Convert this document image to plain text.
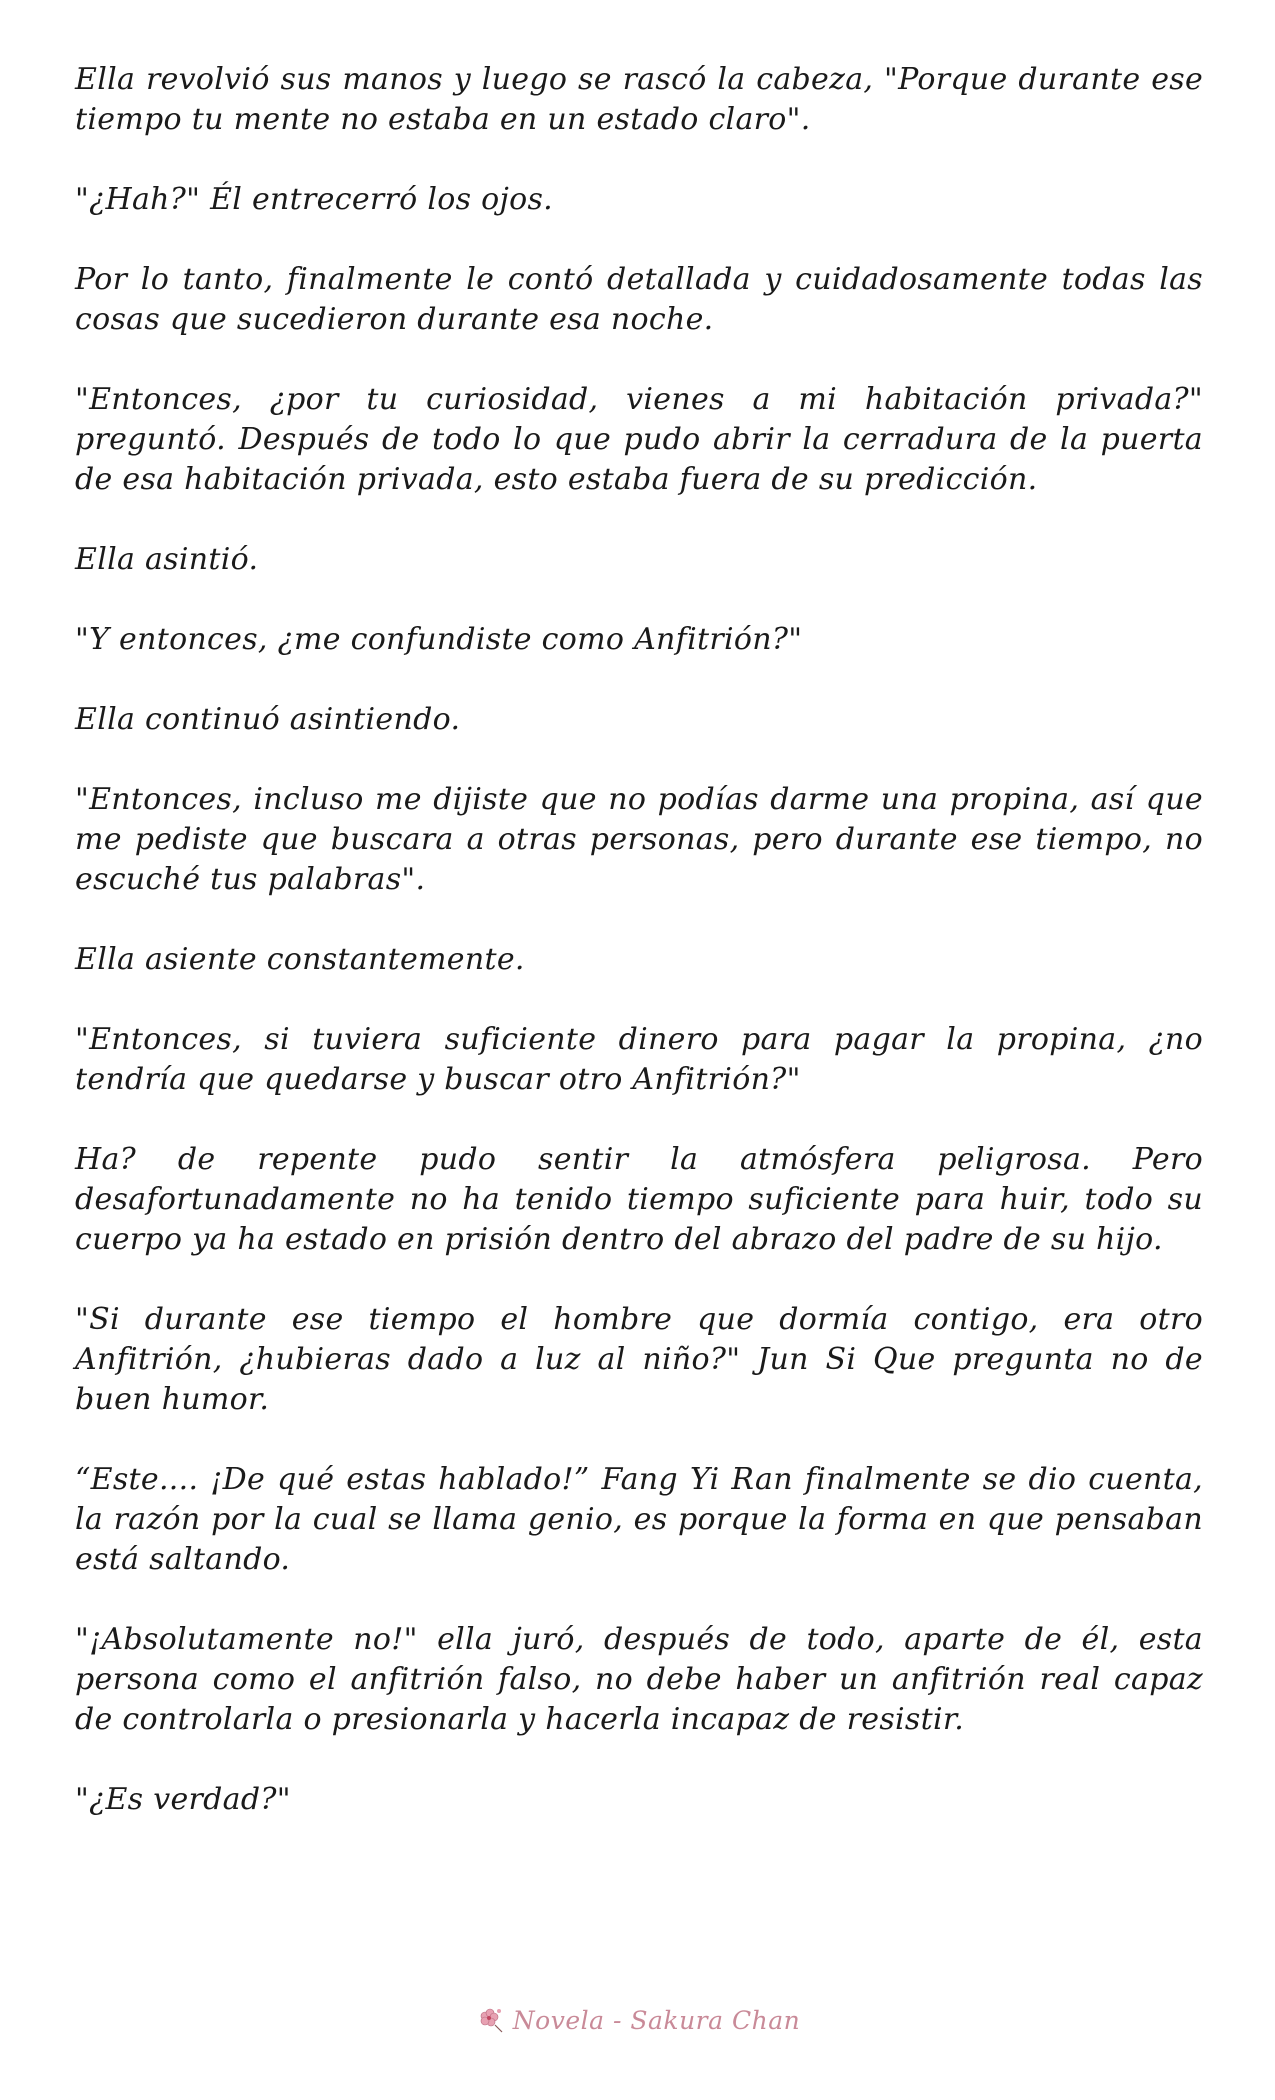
Ella revolvió sus manos y luego se rascó la cabeza, "Porque durante ese tiempo tu mente no estaba en un estado claro".

"¿Hah?" Él entrecerró los ojos.

Por lo tanto, finalmente le contó detallada y cuidadosamente todas las cosas que sucedieron durante esa noche.

"Entonces, ¿por tu curiosidad, vienes a mi habitación privada?" preguntó. Después de todo lo que pudo abrir la cerradura de la puerta de esa habitación privada, esto estaba fuera de su predicción.

Ella asintió.

"Y entonces, ¿me confundiste como Anfitrión?"

Ella continuó asintiendo.

"Entonces, incluso me dijiste que no podías darme una propina, así que me pediste que buscara a otras personas, pero durante ese tiempo, no escuché tus palabras".

Ella asiente constantemente.

"Entonces, si tuviera suficiente dinero para pagar la propina, ¿no tendría que quedarse y buscar otro Anfitrión?"

Ha? de repente pudo sentir la atmósfera peligrosa. Pero desafortunadamente no ha tenido tiempo suficiente para huir, todo su cuerpo ya ha estado en prisión dentro del abrazo del padre de su hijo.

"Si durante ese tiempo el hombre que dormía contigo, era otro Anfitrión, ¿hubieras dado a luz al niño?" Jun Si Que pregunta no de buen humor.

“Este.... ¡De qué estas hablado!” Fang Yi Ran finalmente se dio cuenta, la razón por la cual se llama genio, es porque la forma en que pensaban está saltando.

"¡Absolutamente no!" ella juró, después de todo, aparte de él, esta persona como el anfitrión falso, no debe haber un anfitrión real capaz de controlarla o presionarla y hacerla incapaz de resistir.

"¿Es verdad?"

Novela - Sakura Chan
